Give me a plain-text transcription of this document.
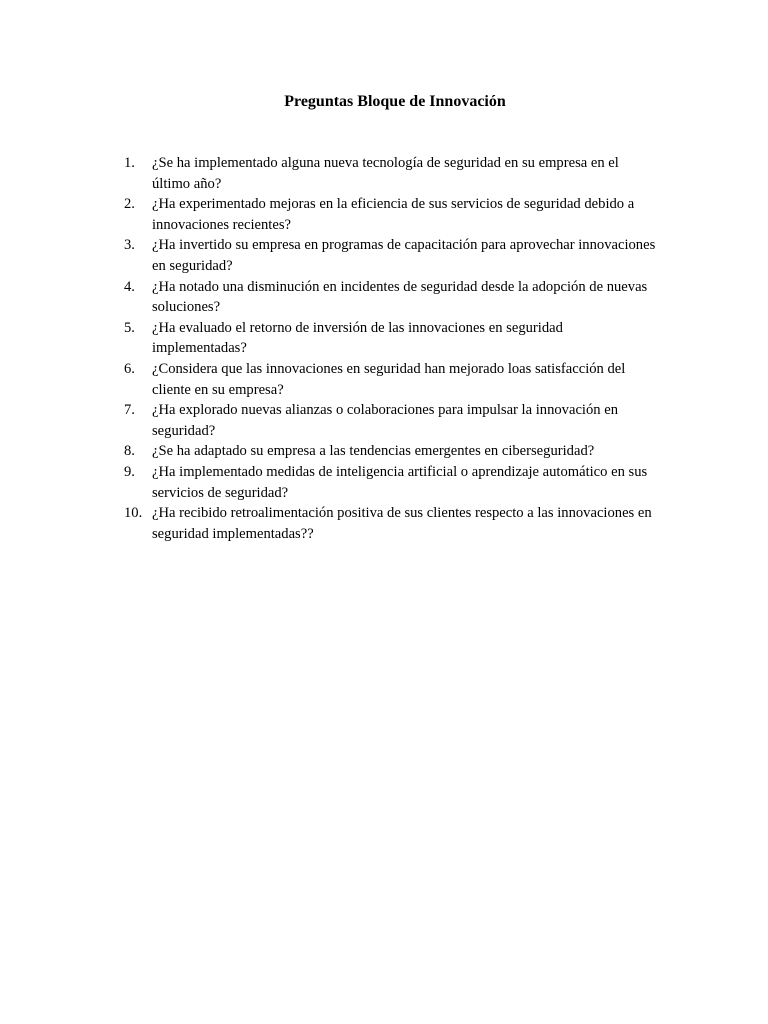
Preguntas Bloque de Innovación
1.	¿Se ha implementado alguna nueva tecnología de seguridad en su empresa en el último año?
2.	¿Ha experimentado mejoras en la eficiencia de sus servicios de seguridad debido a innovaciones recientes?
3.	¿Ha invertido su empresa en programas de capacitación para aprovechar innovaciones en seguridad?
4.	¿Ha notado una disminución en incidentes de seguridad desde la adopción de nuevas soluciones?
5.	¿Ha evaluado el retorno de inversión de las innovaciones en seguridad implementadas?
6.	¿Considera que las innovaciones en seguridad han mejorado loas satisfacción del cliente en su empresa?
7.	¿Ha explorado nuevas alianzas o colaboraciones para impulsar la innovación en seguridad?
8.	¿Se ha adaptado su empresa a las tendencias emergentes en ciberseguridad?
9.	¿Ha implementado medidas de inteligencia artificial o aprendizaje automático en sus servicios de seguridad?
10. ¿Ha recibido retroalimentación positiva de sus clientes respecto a las innovaciones en seguridad implementadas??
